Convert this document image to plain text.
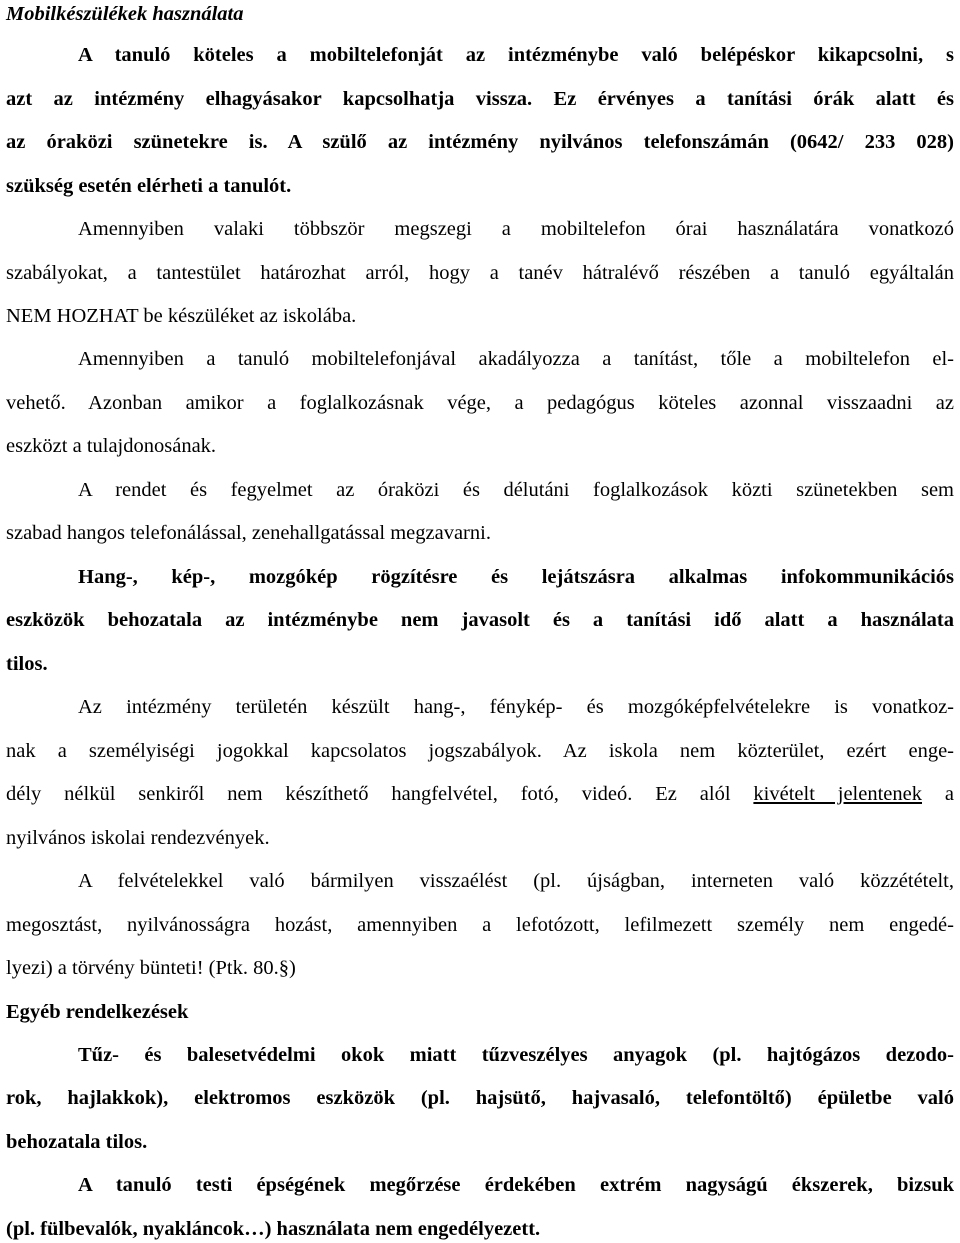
Mobilkészülékek használata
A tanuló köteles a mobiltelefonját az intézménybe való belépéskor kikapcsolni, s
azt az intézmény elhagyásakor kapcsolhatja vissza. Ez érvényes a tanítási órák alatt és
az óraközi szünetekre is. A szülő az intézmény nyilvános telefonszámán (0642/ 233 028)
szükség esetén elérheti a tanulót.
Amennyiben valaki többször megszegi a mobiltelefon órai használatára vonatkozó
szabályokat, a tantestület határozhat arról, hogy a tanév hátralévő részében a tanuló egyáltalán
NEM HOZHAT be készüléket az iskolába.
Amennyiben a tanuló mobiltelefonjával akadályozza a tanítást, tőle a mobiltelefon el-
vehető. Azonban amikor a foglalkozásnak vége, a pedagógus köteles azonnal visszaadni az
eszközt a tulajdonosának.
A rendet és fegyelmet az óraközi és délutáni foglalkozások közti szünetekben sem
szabad hangos telefonálással, zenehallgatással megzavarni.
Hang-, kép-, mozgókép rögzítésre és lejátszásra alkalmas infokommunikációs
eszközök behozatala az intézménybe nem javasolt és a tanítási idő alatt a használata
tilos.
Az intézmény területén készült hang-, fénykép- és mozgóképfelvételekre is vonatkoz-
nak a személyiségi jogokkal kapcsolatos jogszabályok. Az iskola nem közterület, ezért enge-
dély nélkül senkiről nem készíthető hangfelvétel, fotó, videó. Ez alól kivételt jelentenek a
nyilvános iskolai rendezvények.
A felvételekkel való bármilyen visszaélést (pl. újságban, interneten való közzétételt,
megosztást, nyilvánosságra hozást, amennyiben a lefotózott, lefilmezett személy nem engedé-
lyezi) a törvény bünteti! (Ptk. 80.§)
Egyéb rendelkezések
Tűz- és balesetvédelmi okok miatt tűzveszélyes anyagok (pl. hajtógázos dezodo-
rok, hajlakkok), elektromos eszközök (pl. hajsütő, hajvasaló, telefontöltő) épületbe való
behozatala tilos.
A tanuló testi épségének megőrzése érdekében extrém nagyságú ékszerek, bizsuk
(pl. fülbevalók, nyakláncok…) használata nem engedélyezett.
